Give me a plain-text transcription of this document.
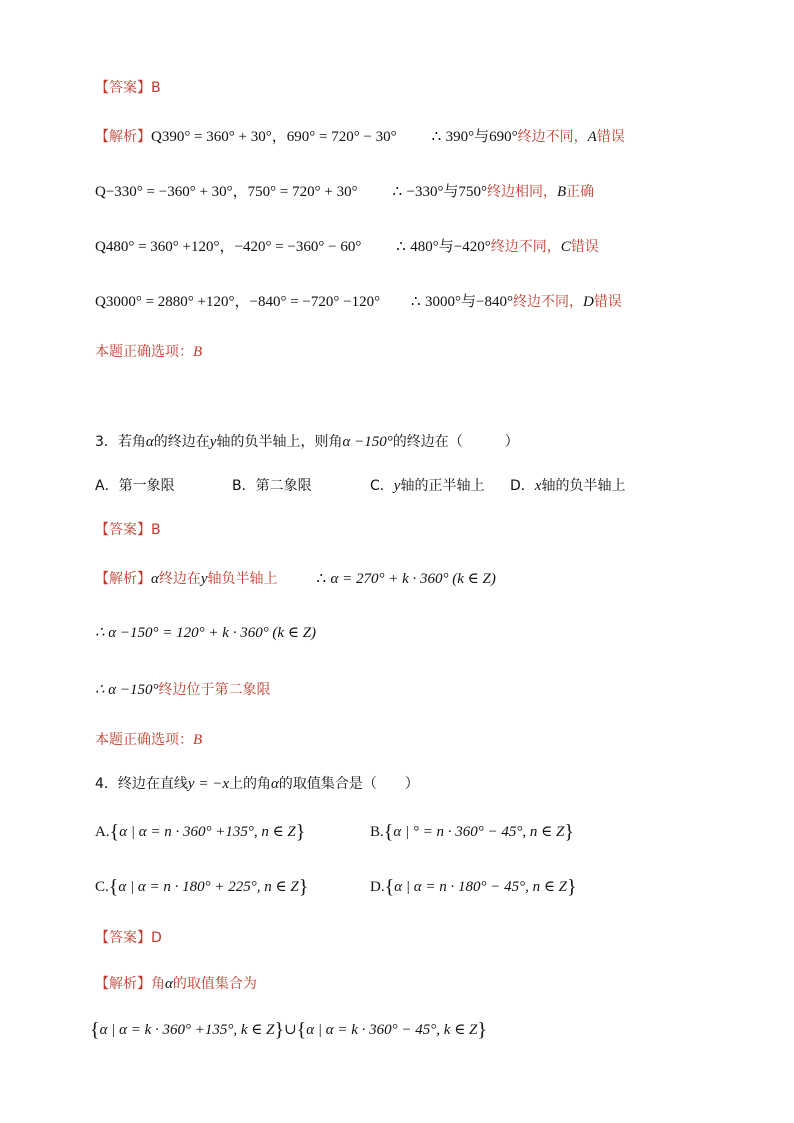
【答案】B
【解析】Q390° = 360° + 30°，690° = 720° − 30° ∴ 390°与690°终边不同，A错误
Q−330° = −360° + 30°，750° = 720° + 30° ∴ −330°与750°终边相同，B正确
Q480° = 360° +120°，−420° = −360° − 60° ∴ 480°与−420°终边不同，C错误
Q3000° = 2880° +120°，−840° = −720° −120° ∴ 3000°与−840°终边不同，D错误
本题正确选项：B
3．若角α的终边在y轴的负半轴上，则角α −150°的终边在（　　　）
A．第一象限	B．第二象限	C．y轴的正半轴上 D．x轴的负半轴上
【答案】B
【解析】α终边在y轴负半轴上	∴ α = 270° + k · 360° (k ∈ Z)
∴ α −150° = 120° + k · 360° (k ∈ Z)
∴ α −150°终边位于第二象限
本题正确选项：B
4．终边在直线y = −x上的角α的取值集合是（　　）
A.{α | α = n · 360° +135°, n ∈ Z}	B.{α | ° = n · 360° − 45°, n ∈ Z}
C.{α | α = n · 180° + 225°, n ∈ Z}	D.{α | α = n · 180° − 45°, n ∈ Z}
【答案】D
【解析】角α的取值集合为
{α | α = k · 360° +135°, k ∈ Z}∪{α | α = k · 360° − 45°, k ∈ Z}
